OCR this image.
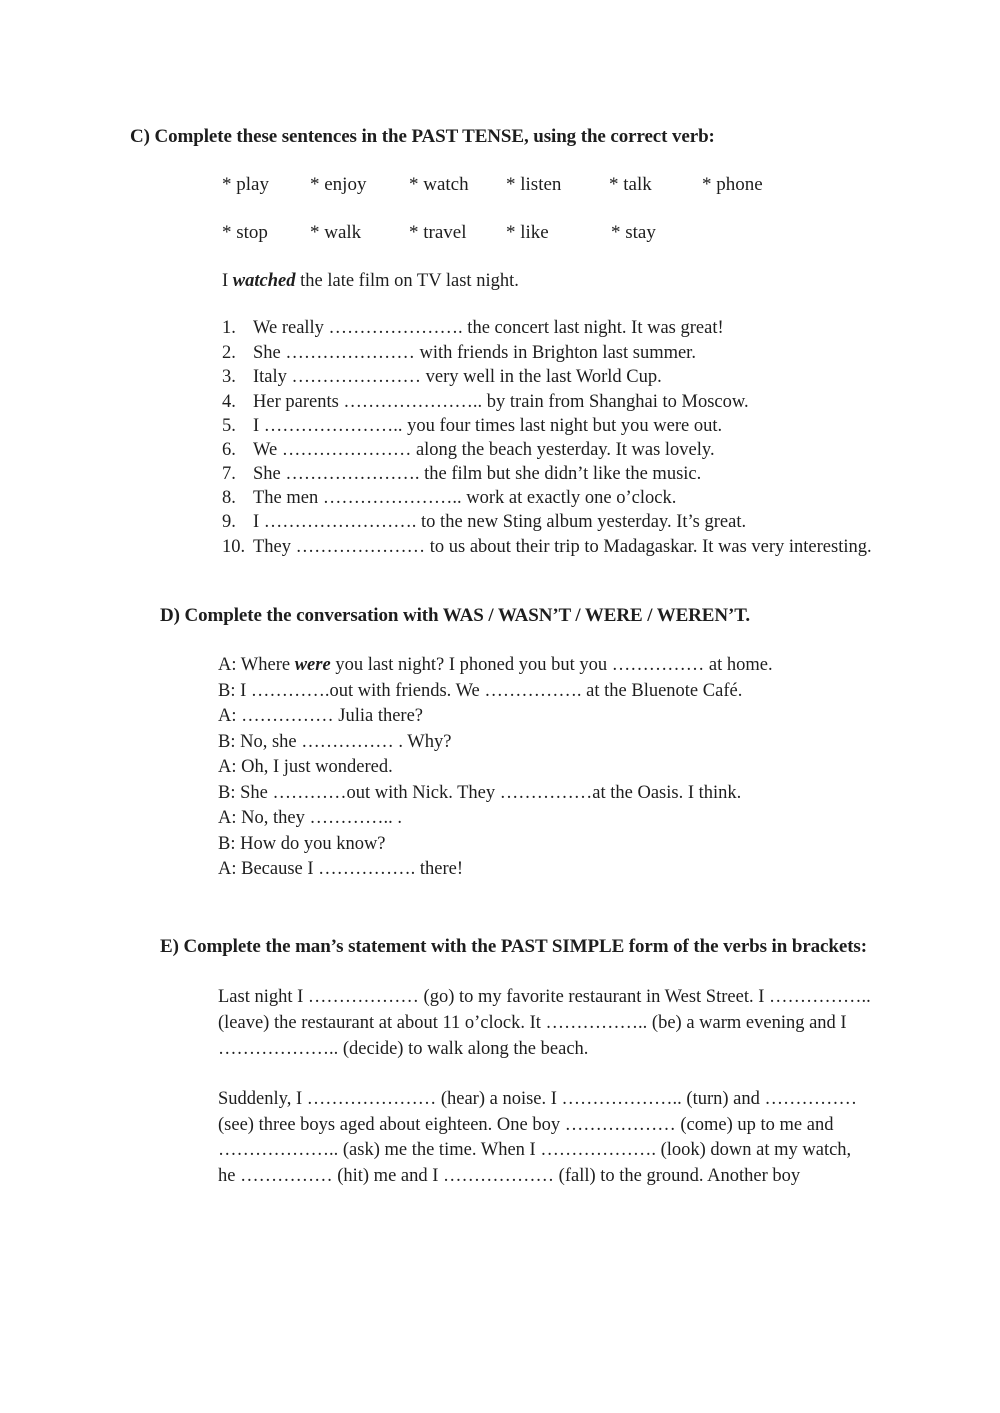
C) Complete these sentences in the PAST TENSE, using the correct verb:
* play * enjoy * watch * listen	* talk	* phone
* stop * walk	* travel * like	* stay
I watched the late film on TV last night.
1. We really …………………. the concert last night. It was great!
2. She ………………… with friends in Brighton last summer.
3. Italy ………………… very well in the last World Cup.
4. Her parents ………………….. by train from Shanghai to Moscow.
5. I ………………….. you four times last night but you were out.
6. We ………………… along the beach yesterday. It was lovely.
7. She …………………. the film but she didn’t like the music.
8. The men ………………….. work at exactly one o’clock.
9. I ……………………. to the new Sting album yesterday. It’s great.
10. They ………………… to us about their trip to Madagaskar. It was very interesting.
D) Complete the conversation with WAS / WASN’T / WERE / WEREN’T.
A: Where were you last night? I phoned you but you …………… at home.
B: I ………….out with friends. We ……………. at the Bluenote Café.
A: …………… Julia there?
B: No, she …………… . Why?
A: Oh, I just wondered.
B: She …………out with Nick. They ……………at the Oasis. I think.
A: No, they ………….. .
B: How do you know?
A: Because I ……………. there!
E) Complete the man’s statement with the PAST SIMPLE form of the verbs in brackets:
Last night I ……………… (go) to my favorite restaurant in West Street. I ……………..
(leave) the restaurant at about 11 o’clock. It …………….. (be) a warm evening and I
……………….. (decide) to walk along the beach.
Suddenly, I ………………… (hear) a noise. I ……………….. (turn) and ……………
(see) three boys aged about eighteen. One boy ……………… (come) up to me and
……………….. (ask) me the time. When I ………………. (look) down at my watch,
he …………… (hit) me and I ……………… (fall) to the ground. Another boy
